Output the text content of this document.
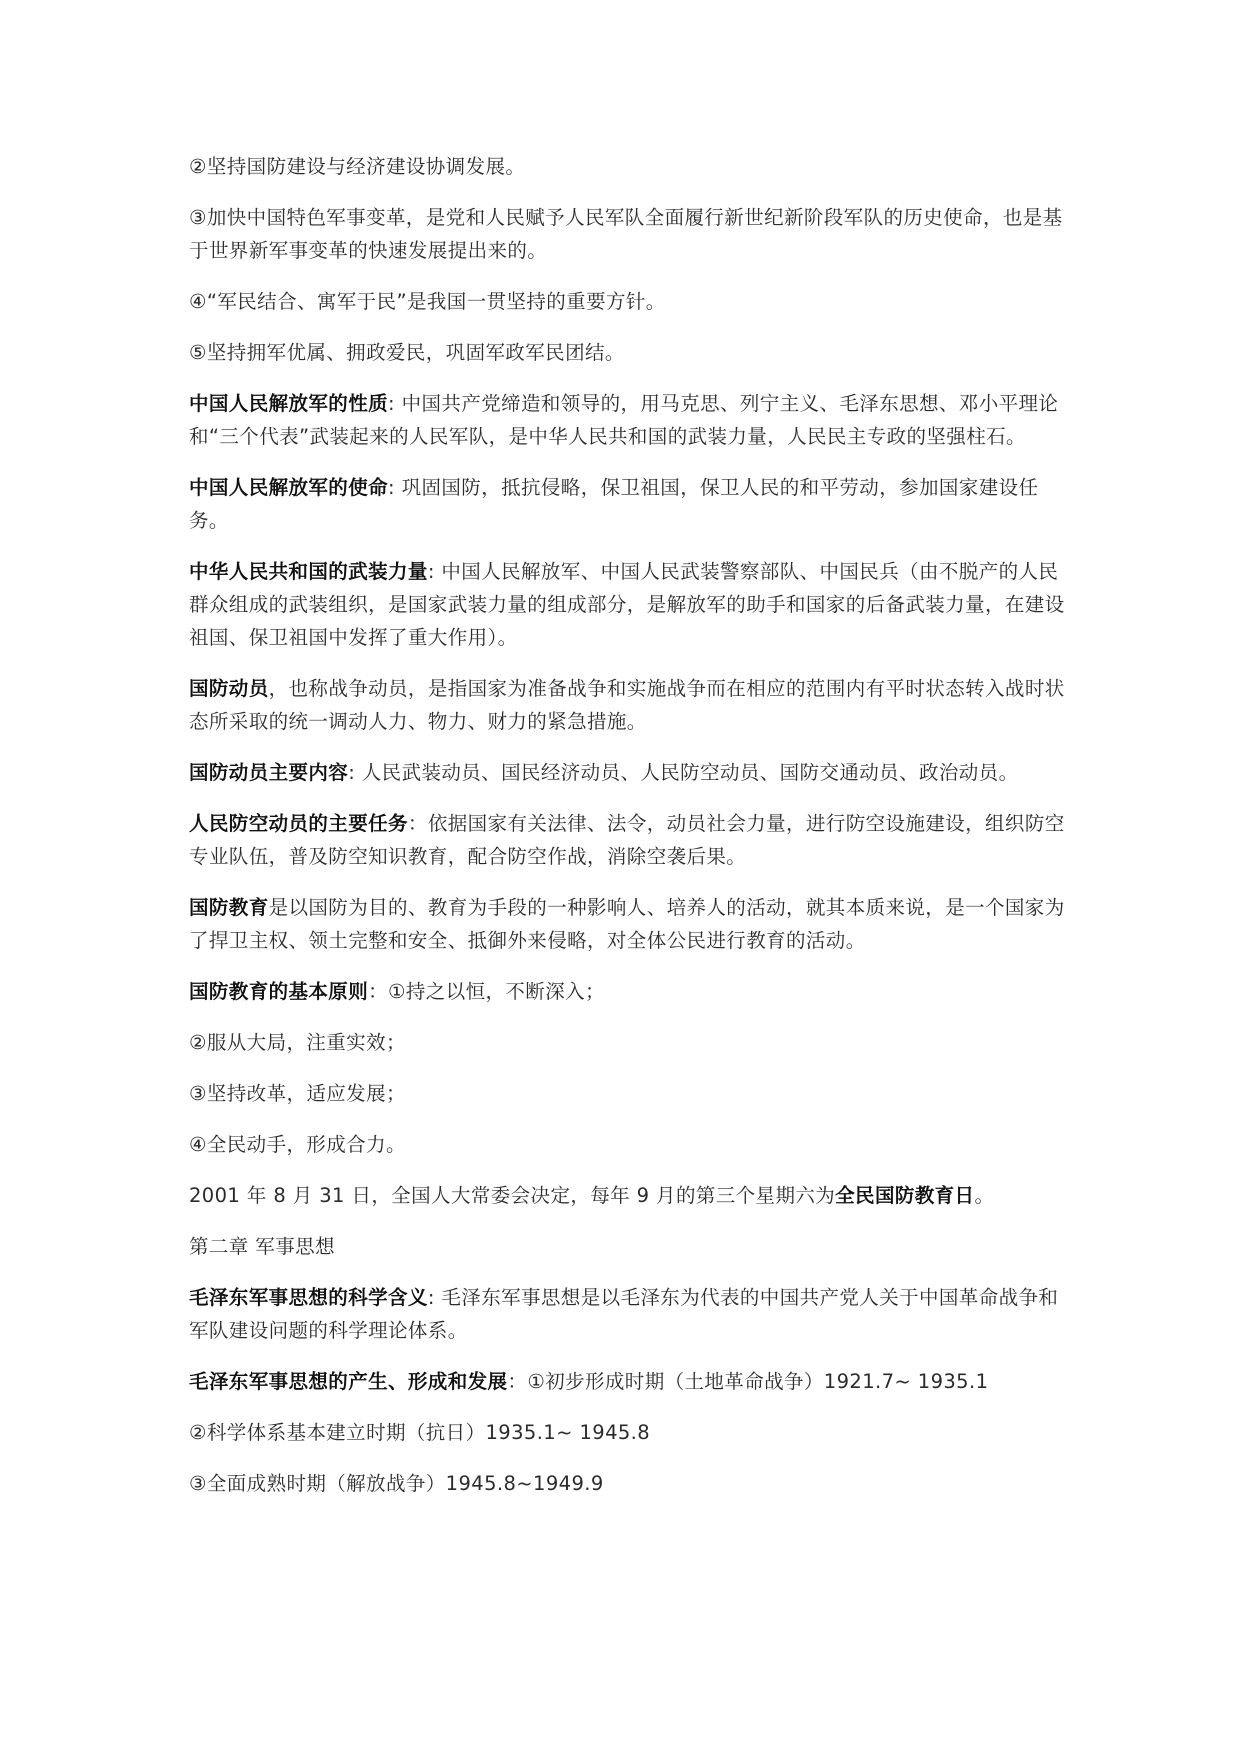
②坚持国防建设与经济建设协调发展。

③加快中国特色军事变革，是党和人民赋予人民军队全面履行新世纪新阶段军队的历史使命，也是基于世界新军事变革的快速发展提出来的。

④“军民结合、寓军于民”是我国一贯坚持的重要方针。

⑤坚持拥军优属、拥政爱民，巩固军政军民团结。

中国人民解放军的性质: 中国共产党缔造和领导的，用马克思、列宁主义、毛泽东思想、邓小平理论和“三个代表”武装起来的人民军队，是中华人民共和国的武装力量，人民民主专政的坚强柱石。

中国人民解放军的使命: 巩固国防，抵抗侵略，保卫祖国，保卫人民的和平劳动，参加国家建设任务。

中华人民共和国的武装力量: 中国人民解放军、中国人民武装警察部队、中国民兵（由不脱产的人民群众组成的武装组织，是国家武装力量的组成部分，是解放军的助手和国家的后备武装力量，在建设祖国、保卫祖国中发挥了重大作用）。

国防动员，也称战争动员，是指国家为准备战争和实施战争而在相应的范围内有平时状态转入战时状态所采取的统一调动人力、物力、财力的紧急措施。

国防动员主要内容: 人民武装动员、国民经济动员、人民防空动员、国防交通动员、政治动员。

人民防空动员的主要任务：依据国家有关法律、法令，动员社会力量，进行防空设施建设，组织防空专业队伍，普及防空知识教育，配合防空作战，消除空袭后果。

国防教育是以国防为目的、教育为手段的一种影响人、培养人的活动，就其本质来说，是一个国家为了捍卫主权、领土完整和安全、抵御外来侵略，对全体公民进行教育的活动。

国防教育的基本原则：①持之以恒，不断深入；

②服从大局，注重实效；

③坚持改革，适应发展；

④全民动手，形成合力。

2001 年 8 月 31 日，全国人大常委会决定，每年 9 月的第三个星期六为全民国防教育日。

第二章 军事思想

毛泽东军事思想的科学含义: 毛泽东军事思想是以毛泽东为代表的中国共产党人关于中国革命战争和军队建设问题的科学理论体系。

毛泽东军事思想的产生、形成和发展：①初步形成时期（土地革命战争）1921.7~ 1935.1

②科学体系基本建立时期（抗日）1935.1~ 1945.8

③全面成熟时期（解放战争）1945.8~1949.9
